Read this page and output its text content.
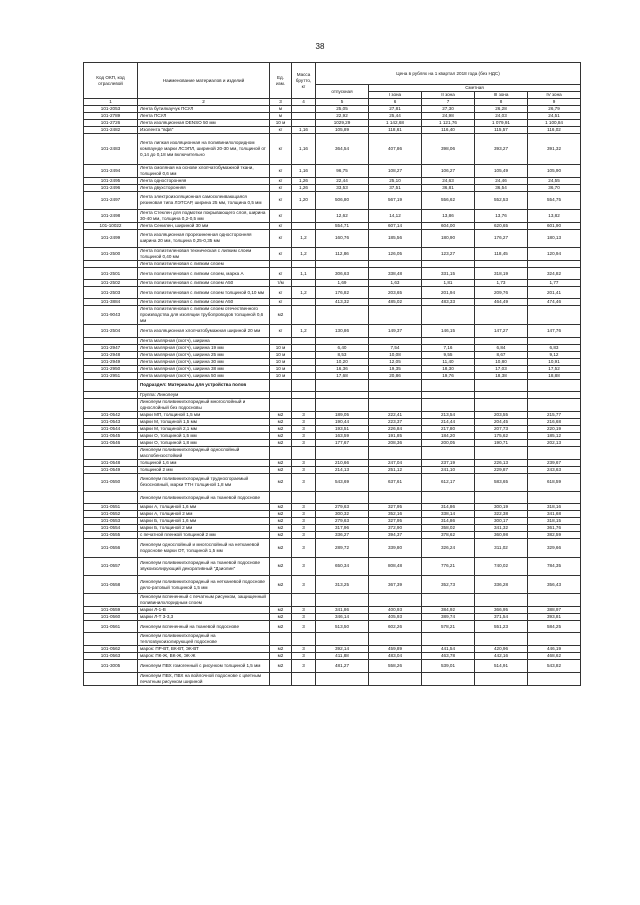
38
Код ОКП, код отраслевой	Наименование материалов и изделий	Ед. изм.	Масса брутто, кг	Цена в рублях на 1 квартал 2018 года (без НДС)				
				отпускная	Сметная			
					I зона	II зона	III зона	IV зона
1	2	3	4	5	6	7	8	9
101-2053	Лента бутилкаучук ПСУЛ	м		25,05	27,81	27,30	26,28	26,79
101-2789	Лента ПСУЛ	м		22,92	25,44	24,98	24,03	24,51
101-2726	Лента изоляционная DENSO 50 мм	10 м		1029,29	1 142,68	1 121,76	1 079,91	1 100,84
101-2482	Изолента "вфв"	кг	1,16	105,89	118,61	116,40	115,57	116,02
101-2483	Лента липкая изоляционная на поливинилхлоридном компаунде марки ЛСЭПЛ, шириной 20-30 мм, толщиной от 0,14 до 0,18 мм включительно	кг	1,16	364,54	407,86	398,06	393,27	391,32
101-2494	Лента смоляная на основе хлопчатобумажной ткани, толщиной 0,6 мм	кг	1,16	96,75	108,27	106,27	105,49	105,90
101-2495	Лента односторонняя	кг	1,26	22,44	25,10	24,63	24,46	24,55
101-2496	Лента двухсторонняя	кг	1,26	33,53	37,51	36,81	36,54	36,70
101-2497	Лента электроизоляционная самосклеивающаяся резиновая типа ЛЭТСАР, ширина 25 мм, толщина 0,5 мм	кг	1,20	506,80	567,19	556,62	552,53	554,75
101-2498	Лента Стеклен для подмотки покрывающего слоя, ширина 30-40 мм, толщина 0,2-0,5 мм	кг		12,62	14,12	13,86	13,76	13,82
101-10022	Лента Сенилен, шириной 30 мм	кг		554,71	607,14	604,00	620,65	601,90
101-2499	Лента изоляционная прорезиненная односторонняя ширина 20 мм, толщина 0,25-0,35 мм	кг	1,2	160,76	185,56	180,90	176,27	180,13
101-2500	Лента полиэтиленовая техническая с липким слоем толщиной 0,40 мм	кг	1,2	112,86	126,05	123,27	118,45	120,94
	Лента полиэтиленовая с липким слоем							
101-2501	Лента полиэтиленовая с липким слоем, марка А	кг	1,1	306,63	338,48	331,15	318,19	324,82
101-2502	Лента полиэтиленовая с липким слоем А50	т/м		1,69	1,63	1,81	1,73	1,77
101-2503	Лента полиэтиленовая с липким слоем толщиной 0,10 мм	кг	1,2	176,82	203,65	201,94	209,76	201,41
101-3884	Лента полиэтиленовая с липким слоем А50	кг		413,32	485,02	483,33	464,49	474,46
101-9043	Лента полиэтиленовая с липким слоем отечественного производства для изоляции трубопроводов толщиной 0,6 мм	м2						
101-2504	Лента изоляционная хлопчатобумажная шириной 20 мм	кг	1,2	130,86	149,37	146,15	147,27	147,76
	Лента малярная (скотч), ширина							
101-2947	Лента малярная (скотч), ширина 19 мм	10 м		6,40	7,54	7,16	6,84	6,83
101-2948	Лента малярная (скотч), ширина 25 мм	10 м		8,53	10,08	9,55	8,67	9,12
101-2949	Лента малярная (скотч), ширина 30 мм	10 м		10,20	12,05	11,40	10,80	10,91
101-2950	Лента малярная (скотч), ширина 38 мм	10 м		16,36	19,35	18,30	17,03	17,52
101-2951	Лента малярная (скотч), ширина 50 мм	10 м		17,68	20,86	19,76	18,38	18,88
	Подраздел: Материалы для устройства полов							
	Группа: Линолеум							
	Линолеум поливинилхлоридный многослойный и однослойный без подосновы							
101-0542	марки МП, толщиной 1,5 мм	м2	3	189,05	222,41	213,54	203,55	215,77
101-0543	марки М, толщиной 1,5 мм	м2	3	190,44	223,37	214,44	204,45	216,68
101-0544	марки М, толщиной 2,1 мм	м2	3	193,51	226,84	217,80	207,73	220,19
101-0545	марки О, толщиной 1,5 мм	м2	3	163,59	191,85	184,20	175,62	185,12
101-0546	марки О, толщиной 1,8 мм	м2	3	177,67	208,36	200,05	190,71	202,13
	Линолеум поливинилхлоридный однослойный маслобензостойкий							
101-0548	толщиной 1,6 мм	м2	3	210,66	247,04	237,19	226,13	239,67
101-0549	толщиной 2 мм	м2	3	214,13	251,12	241,10	229,87	243,63
101-0550	Линолеум поливинилхлоридный трудносгораемый безосновный, марки ТТН толщиной 1,8 мм	м2	3	543,69	637,61	612,17	583,65	618,59
	Линолеум поливинилхлоридный на тканевой подоснове							
101-0551	марки А, толщиной 1,6 мм	м2	3	279,63	327,95	314,86	300,19	318,16
101-0552	марки А, толщиной 2 мм	м2	3	300,32	352,16	338,14	322,38	341,68
101-0553	марки Б, толщиной 1,6 мм	м2	3	279,63	327,95	314,86	300,17	318,15
101-0554	марки Б, толщиной 2 мм	м2	3	317,96	372,90	358,02	341,32	361,76
101-0555	с печатной пленкой толщиной 2 мм	м2	3	336,27	394,37	378,62	360,98	382,59
101-0556	Линолеум однослойный и многослойный на нетканевой подоснове марки ОТ, толщиной 1,5 мм	м2	3	289,72	339,80	326,24	311,02	329,66
101-0557	Линолеум поливинилхлоридный на тканевой подоснове звукоизолирующий декоративный "Дзиолин"	м2	3	650,34	808,48	776,21	740,02	784,35
101-0558	Линолеум поливинилхлоридный на нетканевой подоснове дело-ратовый толщиной 1,5 мм	м2	3	313,25	367,39	352,73	336,28	356,43
	Линолеум вспененный с печатным рисунком, защищенный поливинилхлоридным слоем							
101-0559	марки Л-1-В	м2	3	341,86	400,93	384,92	366,95	388,97
101-0560	марки Л-Т 3-3,3	м2	3	346,14	405,93	389,74	371,54	393,81
101-0561	Линолеум вспененный на тканевой подоснове	м2	3	513,50	602,26	578,21	551,23	584,25
	Линолеум поливинилхлоридный на теплозвукоизолирующей подоснове							
101-0562	марок: ПР-ВТ, ВК-ВТ, ЭК-ВТ	м2	3	392,14	459,89	441,54	420,96	446,19
101-0563	марок: ПК-Ж, ВК-Ж, ЭК-Ж	м2	3	411,88	483,04	463,78	442,16	468,62
101-3005	Линолеум ПВХ гомогенный с рисунком толщиной 1,5 мм	м2	3	481,27	558,26	539,01	514,91	543,82
	Линолеум ПВХ, ПВХ на войлочной подоснове с цветным печатным рисунком шириной							
